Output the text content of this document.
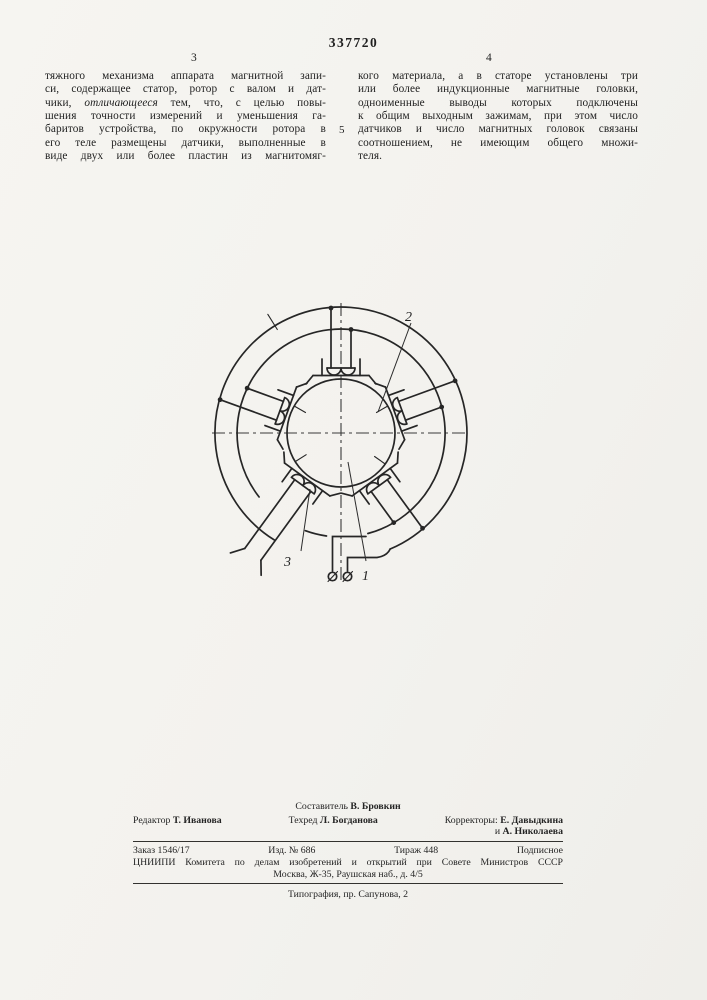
337720
3	4
тяжного механизма аппарата магнитной запи-
си, содержащее статор, ротор с валом и дат-
чики, отличающееся тем, что, с целью повы-
шения точности измерений и уменьшения га-
баритов устройства, по окружности ротора в
его теле размещены датчики, выполненные в
виде двух или более пластин из магнитомяг-
5
кого материала, а в статоре установлены три
или более индукционные магнитные головки,
одноименные выводы которых подключены
к общим выходным зажимам, при этом число
датчиков и число магнитных головок связаны
соотношением, не имеющим общего множи-
теля.
2
3
1
Составитель В. Бровкин
Редактор Т. Иванова	Техред Л. Богданова	Корректоры: Е. Давыдкина
и А. Николаева
Заказ 1546/17	Изд. № 686	Тираж 448	Подписное
ЦНИИПИ Комитета по делам изобретений и открытий при Совете Министров СССР
Москва, Ж-35, Раушская наб., д. 4/5
Типография, пр. Сапунова, 2
